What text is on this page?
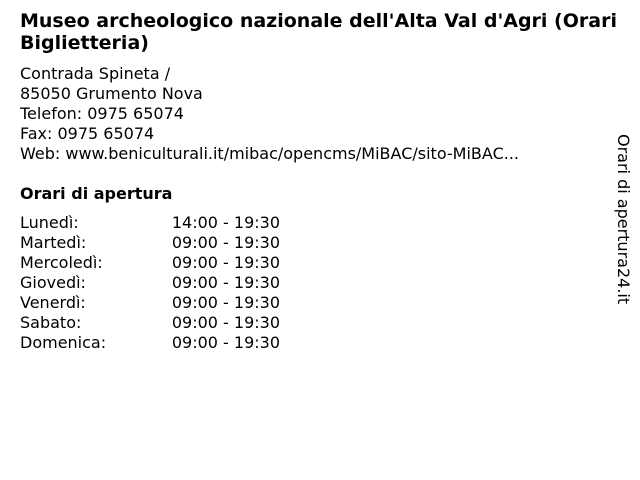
Museo archeologico nazionale dell'Alta Val d'Agri (Orari Biglietteria)
Contrada Spineta /
85050 Grumento Nova
Telefon: 0975 65074
Fax: 0975 65074
Web: www.beniculturali.it/mibac/opencms/MiBAC/sito-MiBAC...
Orari di apertura
Lunedì:	14:00 - 19:30
Martedì:	09:00 - 19:30
Mercoledì:	09:00 - 19:30
Giovedì:	09:00 - 19:30
Venerdì:	09:00 - 19:30
Sabato:	09:00 - 19:30
Domenica:	09:00 - 19:30
Orari di apertura24.it
